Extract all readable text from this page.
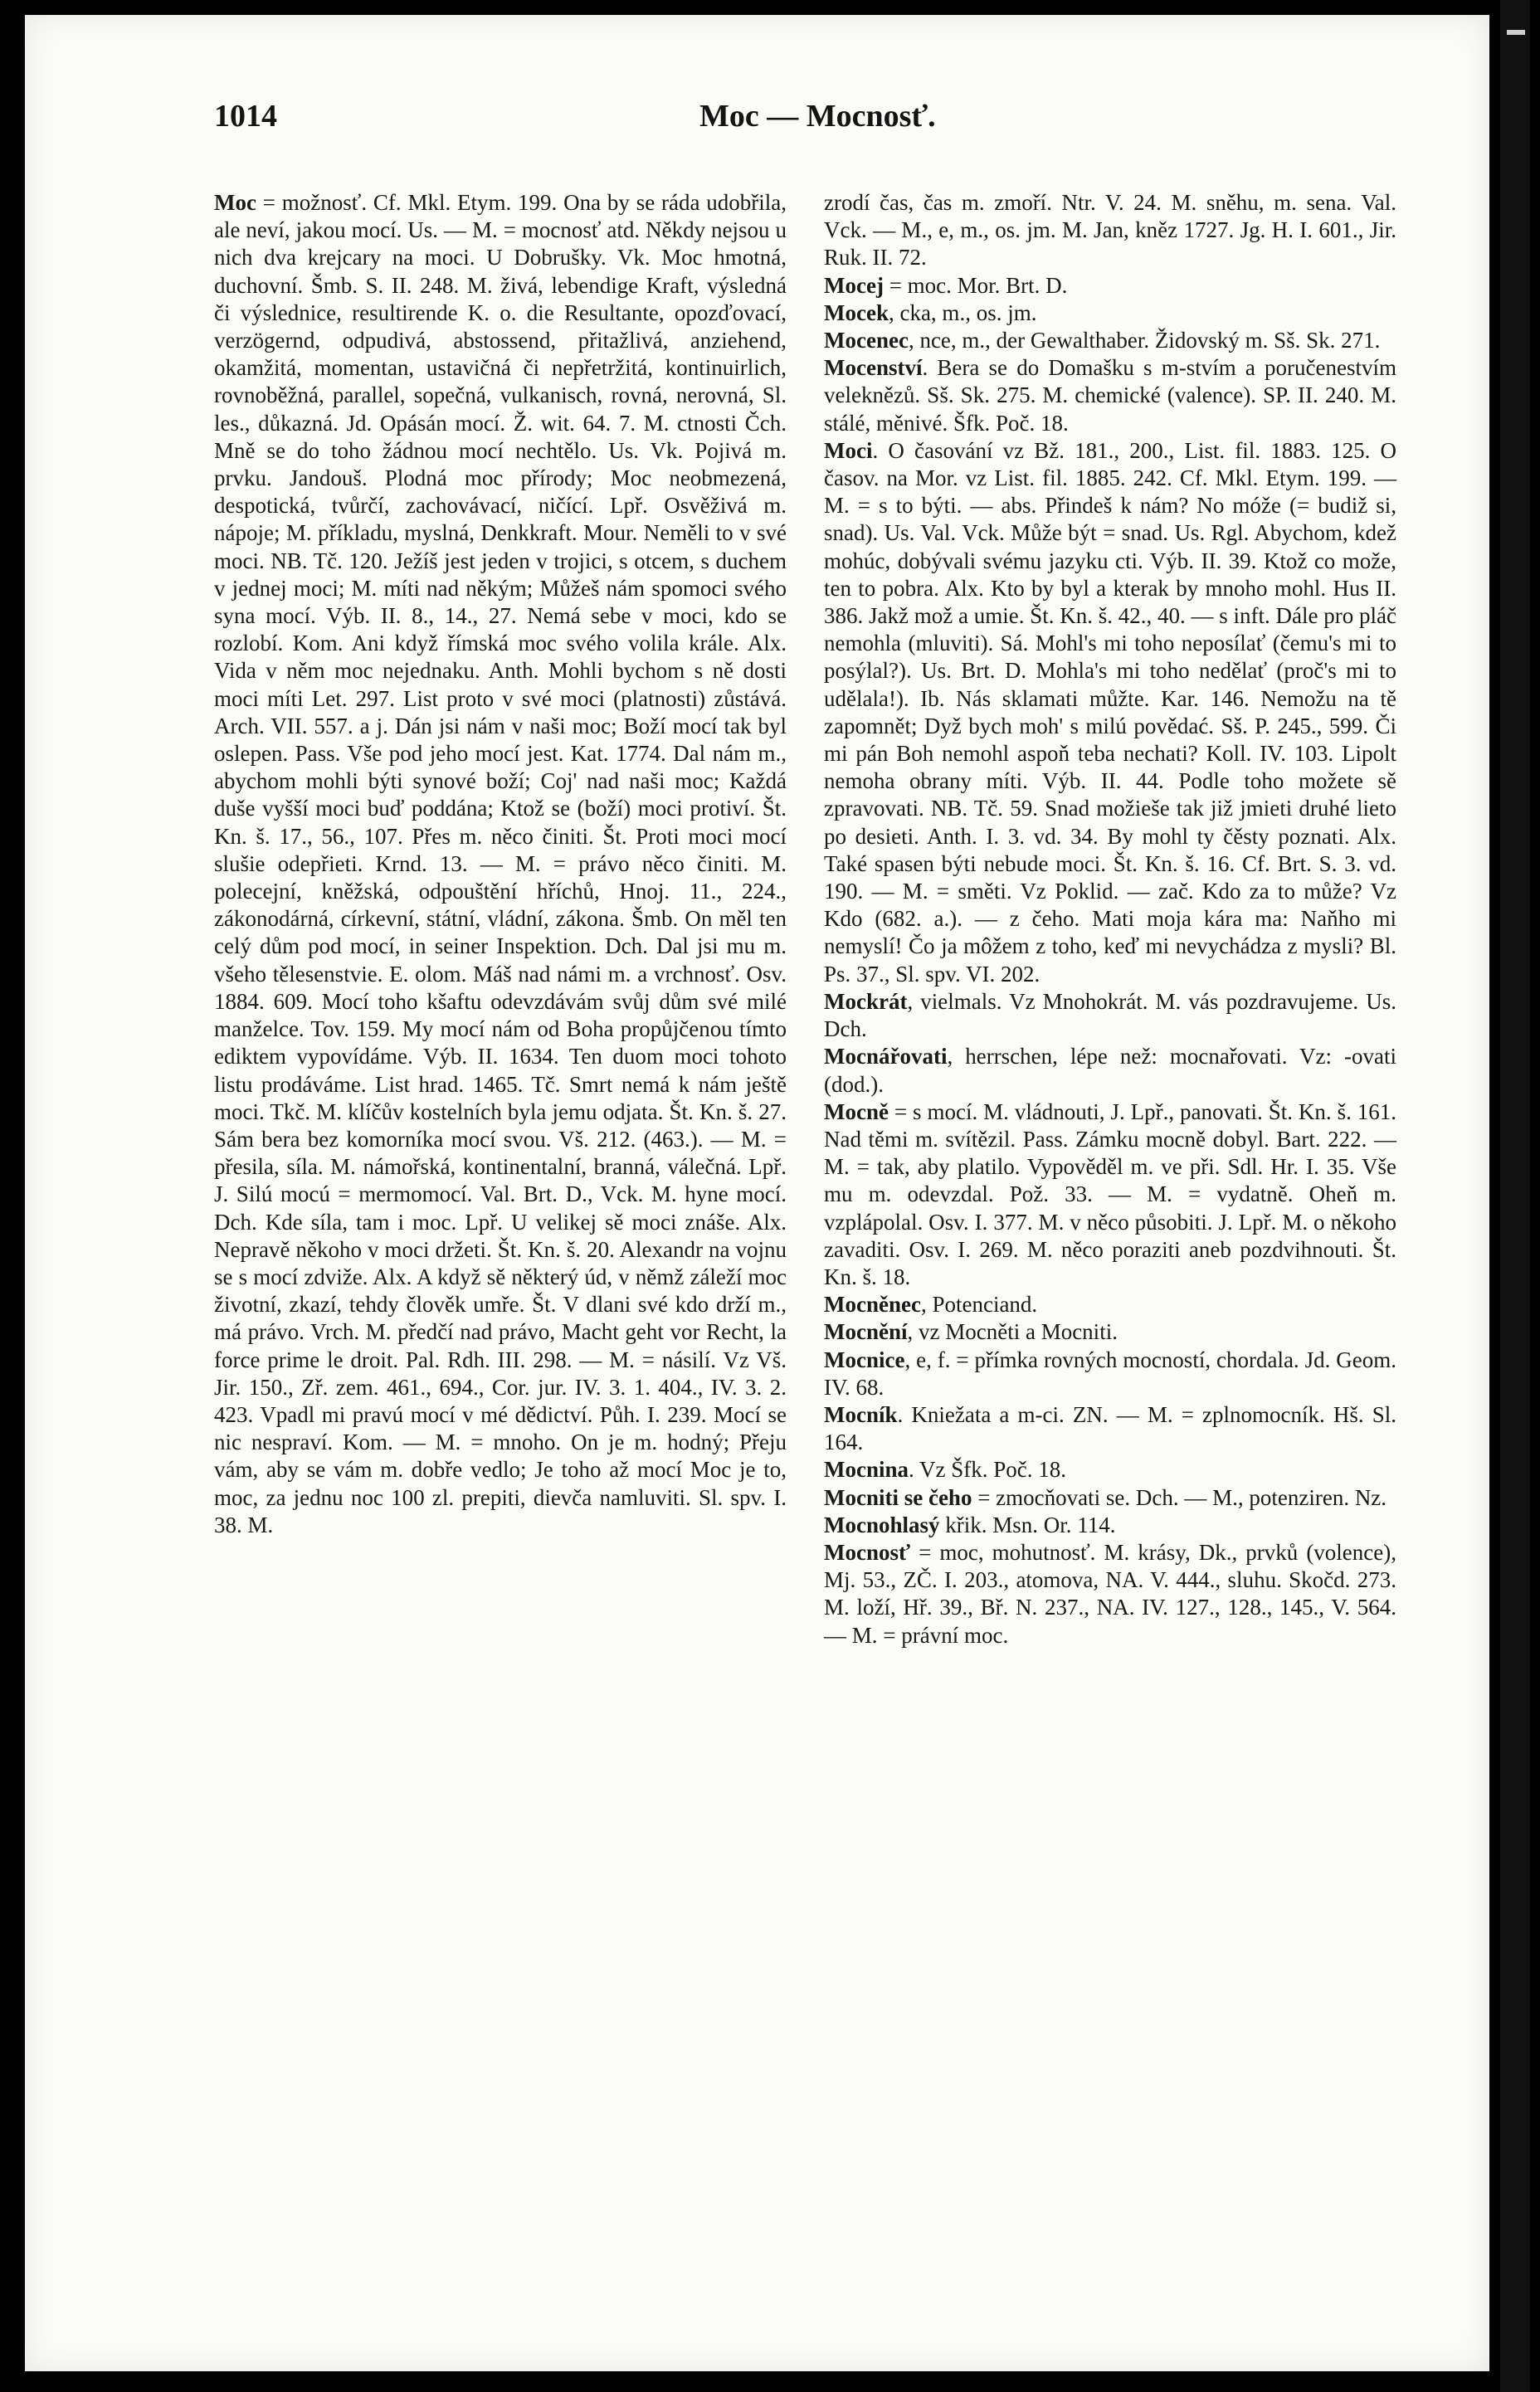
1014	Moc — Mocnosť.

Moc = možnosť. Cf. Mkl. Etym. 199. Ona by se ráda udobřila, ale neví, jakou mocí. Us. — M. = mocnosť atd. Někdy nejsou u nich dva krejcary na moci. U Dobrušky. Vk. Moc hmotná, duchovní. Šmb. S. II. 248. M. živá, lebendige Kraft, výsledná či výslednice, resultirende K. o. die Resultante, opozďovací, verzögernd, odpudivá, abstossend, přitažlivá, anziehend, okamžitá, momentan, ustavičná či nepřetržitá, kontinuirlich, rovnoběžná, parallel, sopečná, vulkanisch, rovná, nerovná, Sl. les., důkazná. Jd. Opásán mocí. Ž. wit. 64. 7. M. ctnosti Čch. Mně se do toho žádnou mocí nechtělo. Us. Vk. Pojivá m. prvku. Jandouš. Plodná moc přírody; Moc neobmezená, despotická, tvůrčí, zachovávací, ničící. Lpř. Osvěživá m. nápoje; M. příkladu, myslná, Denkkraft. Mour. Neměli to v své moci. NB. Tč. 120. Ježíš jest jeden v trojici, s otcem, s duchem v jednej moci; M. míti nad někým; Můžeš nám spomoci svého syna mocí. Výb. II. 8., 14., 27. Nemá sebe v moci, kdo se rozlobí. Kom. Ani když římská moc svého volila krále. Alx. Vida v něm moc nejednaku. Anth. Mohli bychom s ně dosti moci míti Let. 297. List proto v své moci (platnosti) zůstává. Arch. VII. 557. a j. Dán jsi nám v naši moc; Boží mocí tak byl oslepen. Pass. Vše pod jeho mocí jest. Kat. 1774. Dal nám m., abychom mohli býti synové boží; Coj' nad naši moc; Každá duše vyšší moci buď poddána; Ktož se (boží) moci protiví. Št. Kn. š. 17., 56., 107. Přes m. něco činiti. Št. Proti moci mocí slušie odepřieti. Krnd. 13. — M. = právo něco činiti. M. polecejní, kněžská, odpouštění hříchů, Hnoj. 11., 224., zákonodárná, církevní, státní, vládní, zákona. Šmb. On měl ten celý dům pod mocí, in seiner Inspektion. Dch. Dal jsi mu m. všeho tělesenstvie. E. olom. Máš nad námi m. a vrchnosť. Osv. 1884. 609. Mocí toho kšaftu odevzdávám svůj dům své milé manželce. Tov. 159. My mocí nám od Boha propůjčenou tímto ediktem vypovídáme. Výb. II. 1634. Ten duom moci tohoto listu prodáváme. List hrad. 1465. Tč. Smrt nemá k nám ještě moci. Tkč. M. klíčův kostelních byla jemu odjata. Št. Kn. š. 27. Sám bera bez komorníka mocí svou. Vš. 212. (463.). — M. = přesila, síla. M. námořská, kontinentalní, branná, válečná. Lpř. J. Silú mocú = mermomocí. Val. Brt. D., Vck. M. hyne mocí. Dch. Kde síla, tam i moc. Lpř. U velikej sě moci znáše. Alx. Nepravě někoho v moci držeti. Št. Kn. š. 20. Alexandr na vojnu se s mocí zdviže. Alx. A když sě některý úd, v němž záleží moc životní, zkazí, tehdy člověk umře. Št. V dlani své kdo drží m., má právo. Vrch. M. předčí nad právo, Macht geht vor Recht, la force prime le droit. Pal. Rdh. III. 298. — M. = násilí. Vz Vš. Jir. 150., Zř. zem. 461., 694., Cor. jur. IV. 3. 1. 404., IV. 3. 2. 423. Vpadl mi pravú mocí v mé dědictví. Půh. I. 239. Mocí se nic nespraví. Kom. — M. = mnoho. On je m. hodný; Přeju vám, aby se vám m. dobře vedlo; Je toho až mocí Moc je to, moc, za jednu noc 100 zl. prepiti, dievča namluviti. Sl. spv. I. 38. M.

zrodí čas, čas m. zmoří. Ntr. V. 24. M. sněhu, m. sena. Val. Vck. — M., e, m., os. jm. M. Jan, kněz 1727. Jg. H. I. 601., Jir. Ruk. II. 72.

Mocej = moc. Mor. Brt. D.

Mocek, cka, m., os. jm.

Mocenec, nce, m., der Gewalthaber. Židovský m. Sš. Sk. 271.

Mocenství. Bera se do Domašku s m-stvím a poručenestvím veleknězů. Sš. Sk. 275. M. chemické (valence). SP. II. 240. M. stálé, měnivé. Šfk. Poč. 18.

Moci. O časování vz Bž. 181., 200., List. fil. 1883. 125. O časov. na Mor. vz List. fil. 1885. 242. Cf. Mkl. Etym. 199. — M. = s to býti. — abs. Přindeš k nám? No móže (= budiž si, snad). Us. Val. Vck. Může být = snad. Us. Rgl. Abychom, kdež mohúc, dobývali svému jazyku cti. Výb. II. 39. Ktož co može, ten to pobra. Alx. Kto by byl a kterak by mnoho mohl. Hus II. 386. Jakž mož a umie. Št. Kn. š. 42., 40. — s inft. Dále pro pláč nemohla (mluviti). Sá. Mohl's mi toho neposílať (čemu's mi to posýlal?). Us. Brt. D. Mohla's mi toho nedělať (proč's mi to udělala!). Ib. Nás sklamati můžte. Kar. 146. Nemožu na tě zapomnět; Dyž bych moh' s milú povědać. Sš. P. 245., 599. Či mi pán Boh nemohl aspoň teba nechati? Koll. IV. 103. Lipolt nemoha obrany míti. Výb. II. 44. Podle toho možete sě zpravovati. NB. Tč. 59. Snad možieše tak již jmieti druhé lieto po desieti. Anth. I. 3. vd. 34. By mohl ty čěsty poznati. Alx. Také spasen býti nebude moci. Št. Kn. š. 16. Cf. Brt. S. 3. vd. 190. — M. = směti. Vz Poklid. — zač. Kdo za to může? Vz Kdo (682. a.). — z čeho. Mati moja kára ma: Naňho mi nemyslí! Čo ja môžem z toho, keď mi nevychádza z mysli? Bl. Ps. 37., Sl. spv. VI. 202.

Mockrát, vielmals. Vz Mnohokrát. M. vás pozdravujeme. Us. Dch.

Mocnářovati, herrschen, lépe než: mocnařovati. Vz: -ovati (dod.).

Mocně = s mocí. M. vládnouti, J. Lpř., panovati. Št. Kn. š. 161. Nad těmi m. svítězil. Pass. Zámku mocně dobyl. Bart. 222. — M. = tak, aby platilo. Vypověděl m. ve při. Sdl. Hr. I. 35. Vše mu m. odevzdal. Pož. 33. — M. = vydatně. Oheň m. vzplápolal. Osv. I. 377. M. v něco působiti. J. Lpř. M. o někoho zavaditi. Osv. I. 269. M. něco poraziti aneb pozdvihnouti. Št. Kn. š. 18.

Mocněnec, Potenciand.

Mocnění, vz Mocněti a Mocniti.

Mocnice, e, f. = přímka rovných mocností, chordala. Jd. Geom. IV. 68.

Mocník. Kniežata a m-ci. ZN. — M. = zplnomocník. Hš. Sl. 164.

Mocnina. Vz Šfk. Poč. 18.

Mocniti se čeho = zmocňovati se. Dch. — M., potenziren. Nz.

Mocnohlasý křik. Msn. Or. 114.

Mocnosť = moc, mohutnosť. M. krásy, Dk., prvků (volence), Mj. 53., ZČ. I. 203., atomova, NA. V. 444., sluhu. Skočd. 273. M. loží, Hř. 39., Bř. N. 237., NA. IV. 127., 128., 145., V. 564. — M. = právní moc.
